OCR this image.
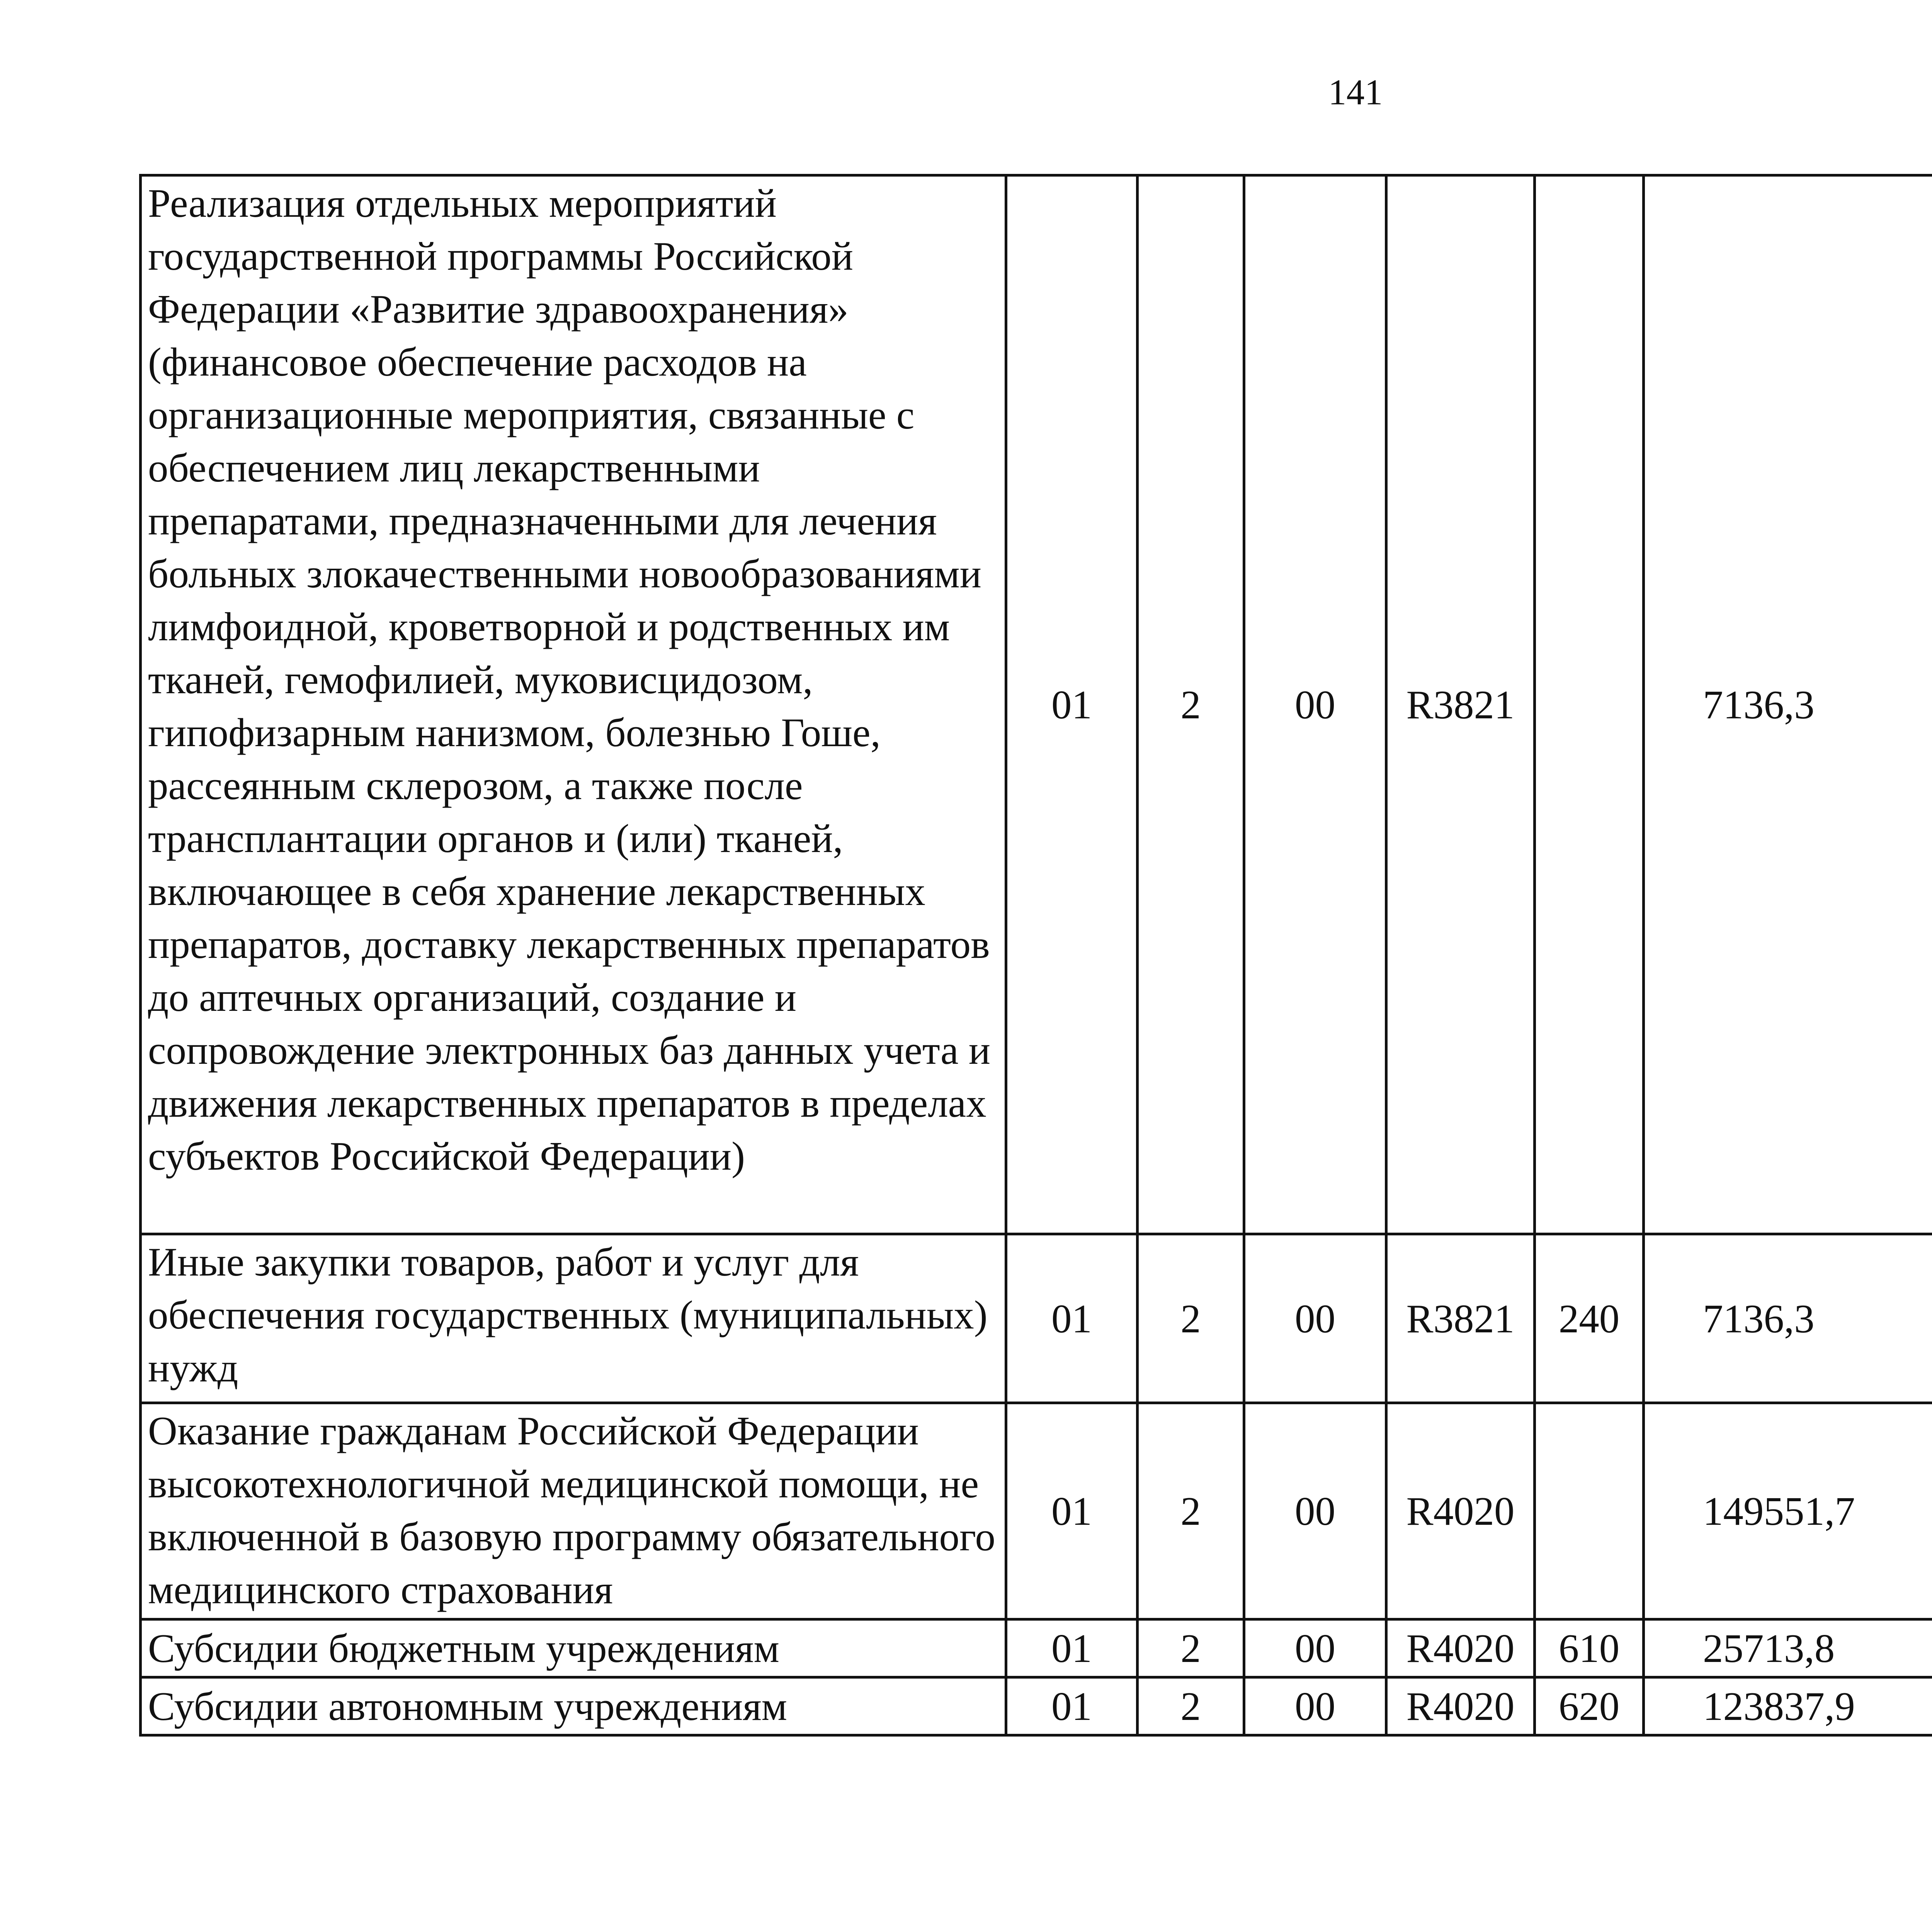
141
Реализация отдельных мероприятий государственной программы Российской Федерации «Развитие здравоохранения» (финансовое обеспечение расходов на организационные мероприятия, связанные с обеспечением лиц лекарственными препаратами, предназначенными для лечения больных злокачественными новообразованиями лимфоидной, кроветворной и родственных им тканей, гемофилией, муковисцидозом, гипофизарным нанизмом, болезнью Гоше, рассеянным склерозом, а также после трансплантации органов и (или) тканей, включающее в себя хранение лекарственных препаратов, доставку лекарственных препаратов до аптечных организаций, создание и сопровождение электронных баз данных учета и движения лекарственных препаратов в пределах субъектов Российской Федерации)	01	2	00	R3821		7136,3		
Иные закупки товаров, работ и услуг для обеспечения государственных (муниципальных) нужд	01	2	00	R3821	240	7136,3		
Оказание гражданам Российской Федерации высокотехнологичной медицинской помощи, не включенной в базовую программу обязательного медицинского страхования	01	2	00	R4020		149551,7		
Субсидии бюджетным учреждениям	01	2	00	R4020	610	25713,8		
Субсидии автономным учреждениям	01	2	00	R4020	620	123837,9		
